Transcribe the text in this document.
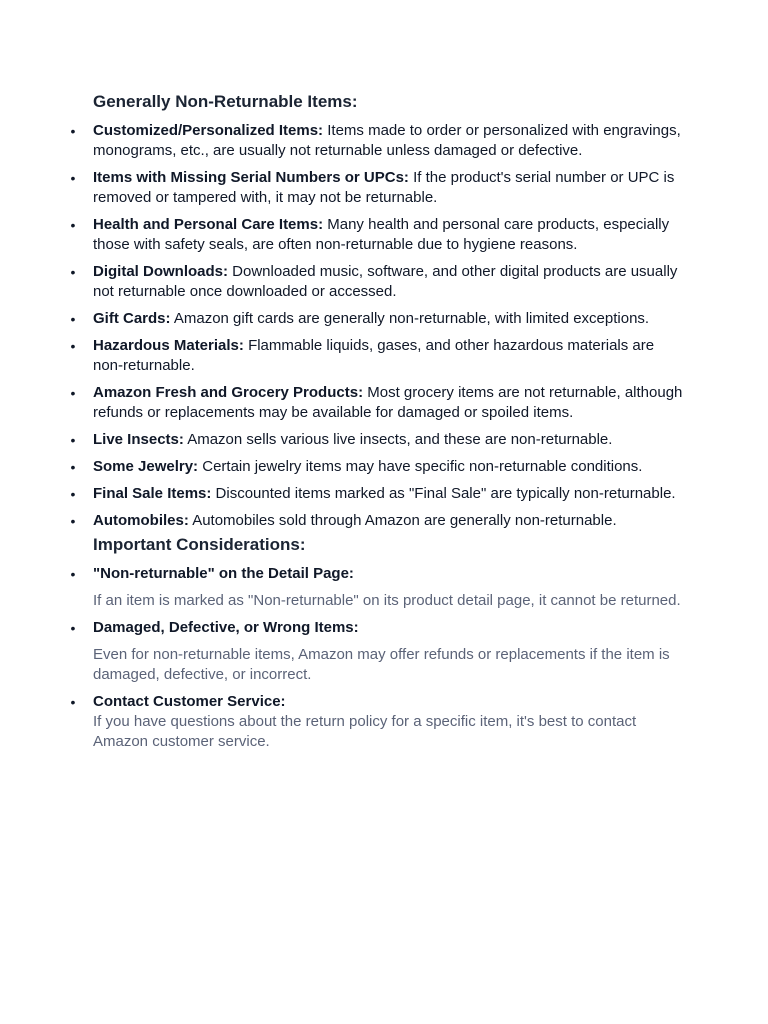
Generally Non-Returnable Items:
• Customized/Personalized Items: Items made to order or personalized with engravings, monograms, etc., are usually not returnable unless damaged or defective.
• Items with Missing Serial Numbers or UPCs: If the product's serial number or UPC is removed or tampered with, it may not be returnable.
• Health and Personal Care Items: Many health and personal care products, especially those with safety seals, are often non-returnable due to hygiene reasons.
• Digital Downloads: Downloaded music, software, and other digital products are usually not returnable once downloaded or accessed.
• Gift Cards: Amazon gift cards are generally non-returnable, with limited exceptions.
• Hazardous Materials: Flammable liquids, gases, and other hazardous materials are non-returnable.
• Amazon Fresh and Grocery Products: Most grocery items are not returnable, although refunds or replacements may be available for damaged or spoiled items.
• Live Insects: Amazon sells various live insects, and these are non-returnable.
• Some Jewelry: Certain jewelry items may have specific non-returnable conditions.
• Final Sale Items: Discounted items marked as "Final Sale" are typically non-returnable.
• Automobiles: Automobiles sold through Amazon are generally non-returnable.
Important Considerations:
• "Non-returnable" on the Detail Page:

If an item is marked as "Non-returnable" on its product detail page, it cannot be returned.

• Damaged, Defective, or Wrong Items:

Even for non-returnable items, Amazon may offer refunds or replacements if the item is damaged, defective, or incorrect.

• Contact Customer Service:

If you have questions about the return policy for a specific item, it's best to contact Amazon customer service.
